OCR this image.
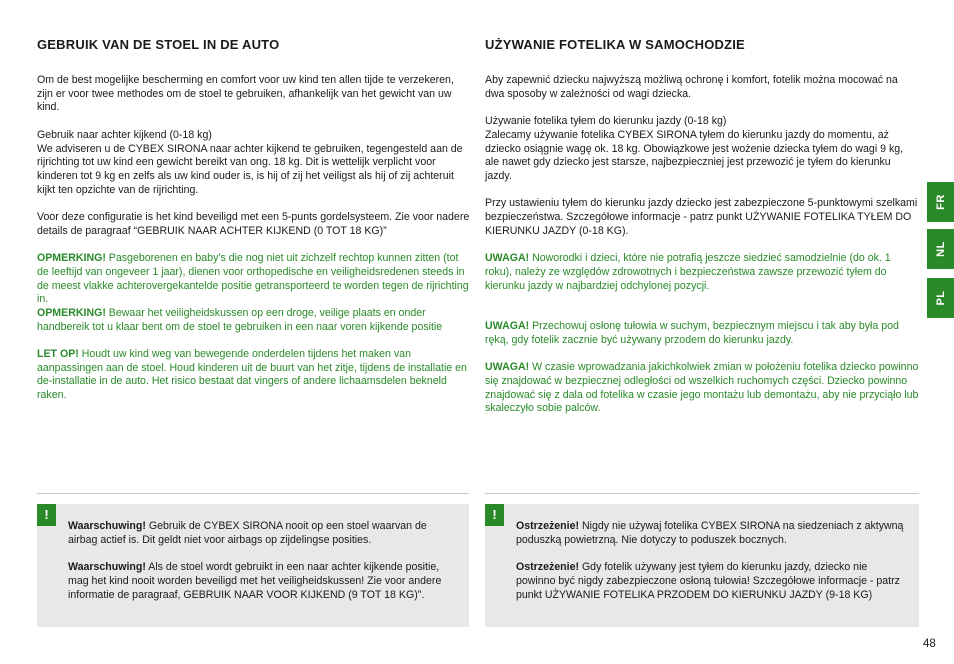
GEBRUIK VAN DE STOEL IN DE AUTO

Om de best mogelijke bescherming en comfort voor uw kind ten allen tijde te verzekeren, zijn er voor twee methodes om de stoel te gebruiken, afhankelijk van het gewicht van uw kind.

Gebruik naar achter kijkend (0-18 kg)
We adviseren u de CYBEX SIRONA naar achter kijkend te gebruiken, tegengesteld aan de rijrichting tot uw kind een gewicht bereikt van ong. 18 kg. Dit is wettelijk verplicht voor kinderen tot 9 kg en zelfs als uw kind ouder is, is hij of zij het veiligst als hij of zij achteruit kijkt ten opzichte van de rijrichting.

Voor deze configuratie is het kind beveiligd met een 5-punts gordelsysteem. Zie voor nadere details de paragraaf “GEBRUIK NAAR ACHTER KIJKEND (0 TOT 18 KG)”

OPMERKING! Pasgeborenen en baby’s die nog niet uit zichzelf rechtop kunnen zitten (tot de leeftijd van ongeveer 1 jaar), dienen voor orthopedische en veiligheidsredenen steeds in de meest vlakke achterovergekantelde positie getransporteerd te worden tegen de rijrichting in.

OPMERKING! Bewaar het veiligheidskussen op een droge, veilige plaats en onder handbereik tot u klaar bent om de stoel te gebruiken in een naar voren kijkende positie

LET OP! Houdt uw kind weg van bewegende onderdelen tijdens het maken van aanpassingen aan de stoel. Houd kinderen uit de buurt van het zitje, tijdens de installatie en de-installatie in de auto. Het risico bestaat dat vingers of andere lichaamsdelen bekneld raken.

UŻYWANIE FOTELIKA W SAMOCHODZIE

Aby zapewnić dziecku najwyższą możliwą ochronę i komfort, fotelik można mocować na dwa sposoby w zależności od wagi dziecka.

Używanie fotelika tyłem do kierunku jazdy (0-18 kg)
Zalecamy używanie fotelika CYBEX SIRONA tyłem do kierunku jazdy do momentu, aż dziecko osiągnie wagę ok. 18 kg. Obowiązkowe jest wożenie dziecka tyłem do wagi 9 kg, ale nawet gdy dziecko jest starsze, najbezpieczniej jest przewozić je tyłem do kierunku jazdy.

Przy ustawieniu tyłem do kierunku jazdy dziecko jest zabezpieczone 5-punktowymi szelkami bezpieczeństwa. Szczegółowe informacje - patrz punkt UŻYWANIE FOTELIKA TYŁEM DO KIERUNKU JAZDY (0-18 KG).

UWAGA! Noworodki i dzieci, które nie potrafią jeszcze siedzieć samodzielnie (do ok. 1 roku), należy ze względów zdrowotnych i bezpieczeństwa zawsze przewozić tyłem do kierunku jazdy w najbardziej odchylonej pozycji.

UWAGA! Przechowuj osłonę tułowia w suchym, bezpiecznym miejscu i tak aby była pod ręką, gdy fotelik zacznie być używany przodem do kierunku jazdy.

UWAGA! W czasie wprowadzania jakichkolwiek zmian w położeniu fotelika dziecko powinno się znajdować w bezpiecznej odległości od wszelkich ruchomych części. Dziecko powinno znajdować się z dala od fotelika w czasie jego montażu lub demontażu, aby nie przyciąło lub skaleczyło sobie palców.

!

Waarschuwing! Gebruik de CYBEX SIRONA nooit op een stoel waarvan de airbag actief is. Dit geldt niet voor airbags op zijdelingse posities.

Waarschuwing! Als de stoel wordt gebruikt in een naar achter kijkende positie, mag het kind nooit worden beveiligd met het veiligheidskussen! Zie voor andere informatie de paragraaf, GEBRUIK NAAR VOOR KIJKEND (9 TOT 18 KG)".

!

Ostrzeżenie! Nigdy nie używaj fotelika CYBEX SIRONA na siedzeniach z aktywną poduszką powietrzną. Nie dotyczy to poduszek bocznych.

Ostrzeżenie! Gdy fotelik używany jest tyłem do kierunku jazdy, dziecko nie powinno być nigdy zabezpieczone osłoną tułowia! Szczegółowe informacje - patrz punkt UŻYWANIE FOTELIKA PRZODEM DO KIERUNKU JAZDY (9-18 KG)

FR
NL
PL
48
